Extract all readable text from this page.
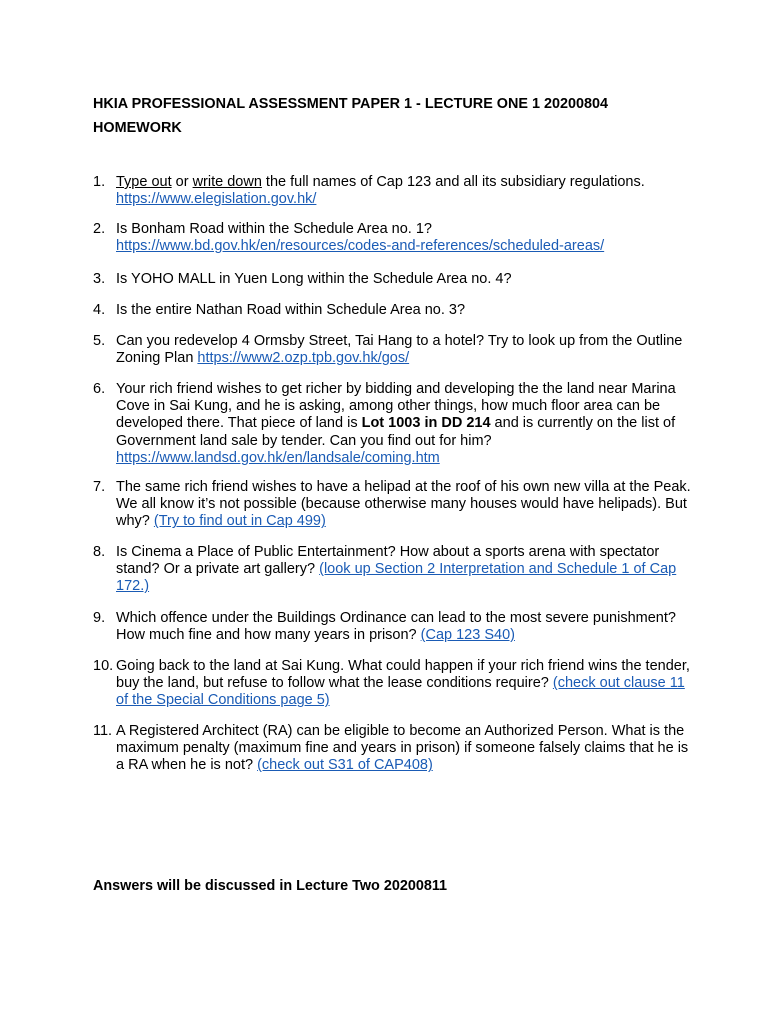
HKIA PROFESSIONAL ASSESSMENT PAPER 1 - LECTURE ONE 1 20200804
HOMEWORK
1. Type out or write down the full names of Cap 123 and all its subsidiary regulations. https://www.elegislation.gov.hk/
2. Is Bonham Road within the Schedule Area no. 1?
https://www.bd.gov.hk/en/resources/codes-and-references/scheduled-areas/
3. Is YOHO MALL in Yuen Long within the Schedule Area no. 4?
4. Is the entire Nathan Road within Schedule Area no. 3?
5. Can you redevelop 4 Ormsby Street, Tai Hang to a hotel? Try to look up from the Outline Zoning Plan https://www2.ozp.tpb.gov.hk/gos/
6. Your rich friend wishes to get richer by bidding and developing the the land near Marina Cove in Sai Kung, and he is asking, among other things, how much floor area can be developed there. That piece of land is Lot 1003 in DD 214 and is currently on the list of Government land sale by tender. Can you find out for him?
https://www.landsd.gov.hk/en/landsale/coming.htm
7. The same rich friend wishes to have a helipad at the roof of his own new villa at the Peak. We all know it’s not possible (because otherwise many houses would have helipads). But why? (Try to find out in Cap 499)
8. Is Cinema a Place of Public Entertainment? How about a sports arena with spectator stand? Or a private art gallery? (look up Section 2 Interpretation and Schedule 1 of Cap 172.)
9. Which offence under the Buildings Ordinance can lead to the most severe punishment? How much fine and how many years in prison? (Cap 123 S40)
10. Going back to the land at Sai Kung. What could happen if your rich friend wins the tender, buy the land, but refuse to follow what the lease conditions require? (check out clause 11 of the Special Conditions page 5)
11. A Registered Architect (RA) can be eligible to become an Authorized Person. What is the maximum penalty (maximum fine and years in prison) if someone falsely claims that he is a RA when he is not? (check out S31 of CAP408)
Answers will be discussed in Lecture Two 20200811
